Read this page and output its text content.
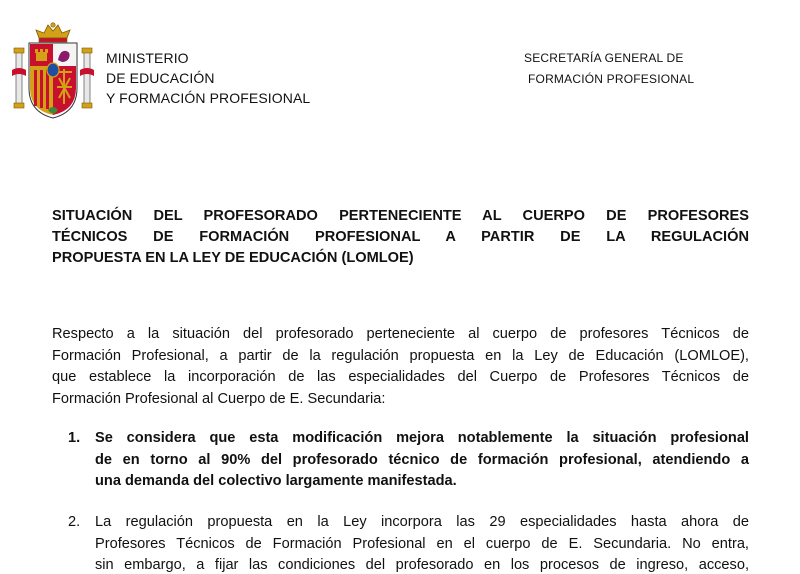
MINISTERIO
DE EDUCACIÓN
Y FORMACIÓN PROFESIONAL
SECRETARÍA GENERAL DE
FORMACIÓN PROFESIONAL
SITUACIÓN DEL PROFESORADO PERTENECIENTE AL CUERPO DE PROFESORES
TÉCNICOS DE FORMACIÓN PROFESIONAL A PARTIR DE LA REGULACIÓN
PROPUESTA EN LA LEY DE EDUCACIÓN (LOMLOE)
Respecto a la situación del profesorado perteneciente al cuerpo de profesores Técnicos de
Formación Profesional, a partir de la regulación propuesta en la Ley de Educación (LOMLOE),
que establece la incorporación de las especialidades del Cuerpo de Profesores Técnicos de
Formación Profesional al Cuerpo de E. Secundaria:
1. Se considera que esta modificación mejora notablemente la situación profesional
de en torno al 90% del profesorado técnico de formación profesional, atendiendo a
una demanda del colectivo largamente manifestada.
2. La regulación propuesta en la Ley incorpora las 29 especialidades hasta ahora de
Profesores Técnicos de Formación Profesional en el cuerpo de E. Secundaria. No entra,
sin embargo, a fijar las condiciones del profesorado en los procesos de ingreso, acceso,
